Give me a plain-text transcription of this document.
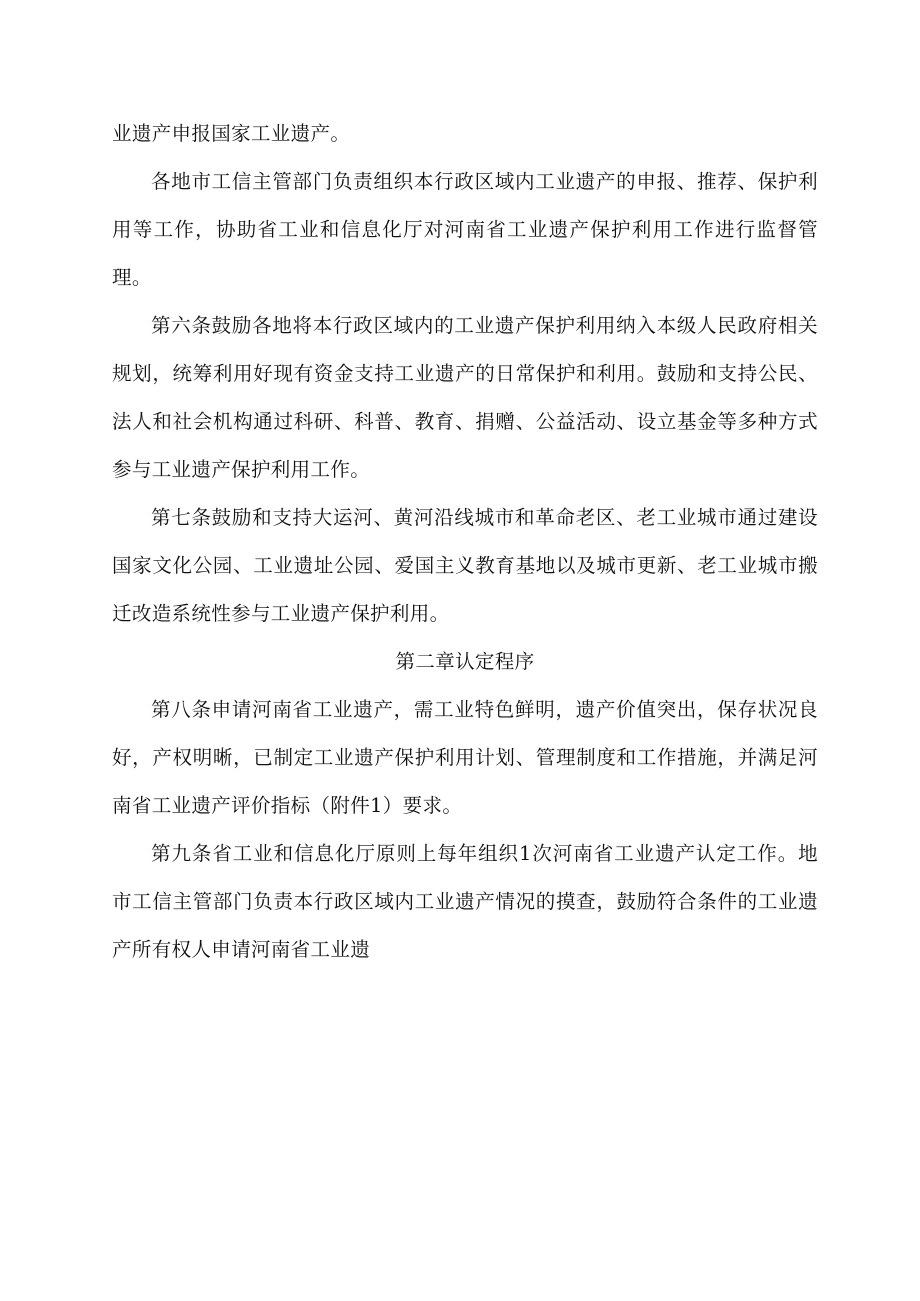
业遗产申报国家工业遗产。

各地市工信主管部门负责组织本行政区域内工业遗产的申报、推荐、保护利用等工作，协助省工业和信息化厅对河南省工业遗产保护利用工作进行监督管理。

第六条鼓励各地将本行政区域内的工业遗产保护利用纳入本级人民政府相关规划，统筹利用好现有资金支持工业遗产的日常保护和利用。鼓励和支持公民、法人和社会机构通过科研、科普、教育、捐赠、公益活动、设立基金等多种方式参与工业遗产保护利用工作。

第七条鼓励和支持大运河、黄河沿线城市和革命老区、老工业城市通过建设国家文化公园、工业遗址公园、爱国主义教育基地以及城市更新、老工业城市搬迁改造系统性参与工业遗产保护利用。

第二章认定程序

第八条申请河南省工业遗产，需工业特色鲜明，遗产价值突出，保存状况良好，产权明晰，已制定工业遗产保护利用计划、管理制度和工作措施，并满足河南省工业遗产评价指标（附件1）要求。

第九条省工业和信息化厅原则上每年组织1次河南省工业遗产认定工作。地市工信主管部门负责本行政区域内工业遗产情况的摸查，鼓励符合条件的工业遗产所有权人申请河南省工业遗
